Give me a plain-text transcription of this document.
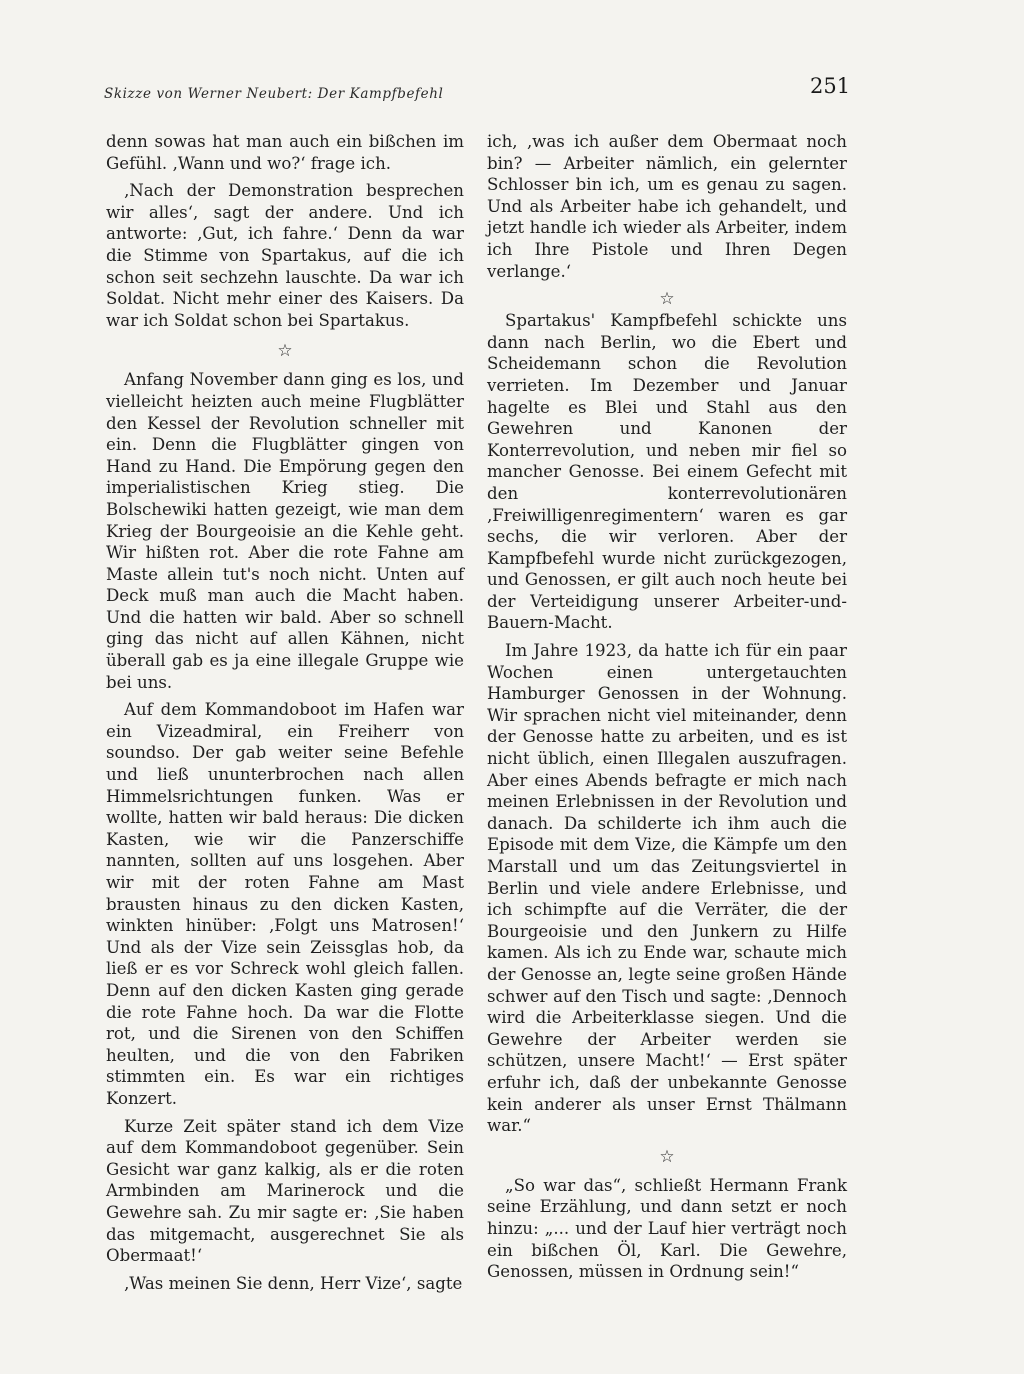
Skizze von Werner Neubert: Der Kampfbefehl	251

denn sowas hat man auch ein bißchen im Gefühl. ‚Wann und wo?‘ frage ich.

‚Nach der Demonstration besprechen wir alles‘, sagt der andere. Und ich antworte: ‚Gut, ich fahre.‘ Denn da war die Stimme von Spartakus, auf die ich schon seit sechzehn lauschte. Da war ich Soldat. Nicht mehr einer des Kaisers. Da war ich Soldat schon bei Spartakus.

☆

Anfang November dann ging es los, und vielleicht heizten auch meine Flugblätter den Kessel der Revolution schneller mit ein. Denn die Flugblätter gingen von Hand zu Hand. Die Empörung gegen den imperialistischen Krieg stieg. Die Bolschewiki hatten gezeigt, wie man dem Krieg der Bourgeoisie an die Kehle geht. Wir hißten rot. Aber die rote Fahne am Maste allein tut's noch nicht. Unten auf Deck muß man auch die Macht haben. Und die hatten wir bald. Aber so schnell ging das nicht auf allen Kähnen, nicht überall gab es ja eine illegale Gruppe wie bei uns.

Auf dem Kommandoboot im Hafen war ein Vizeadmiral, ein Freiherr von soundso. Der gab weiter seine Befehle und ließ ununterbrochen nach allen Himmelsrichtungen funken. Was er wollte, hatten wir bald heraus: Die dicken Kasten, wie wir die Panzerschiffe nannten, sollten auf uns losgehen. Aber wir mit der roten Fahne am Mast brausten hinaus zu den dicken Kasten, winkten hinüber: ‚Folgt uns Matrosen!‘ Und als der Vize sein Zeissglas hob, da ließ er es vor Schreck wohl gleich fallen. Denn auf den dicken Kasten ging gerade die rote Fahne hoch. Da war die Flotte rot, und die Sirenen von den Schiffen heulten, und die von den Fabriken stimmten ein. Es war ein richtiges Konzert.

Kurze Zeit später stand ich dem Vize auf dem Kommandoboot gegenüber. Sein Gesicht war ganz kalkig, als er die roten Armbinden am Marinerock und die Gewehre sah. Zu mir sagte er: ‚Sie haben das mitgemacht, ausgerechnet Sie als Obermaat!‘

‚Was meinen Sie denn, Herr Vize‘, sagte

ich, ‚was ich außer dem Obermaat noch bin? — Arbeiter nämlich, ein gelernter Schlosser bin ich, um es genau zu sagen. Und als Arbeiter habe ich gehandelt, und jetzt handle ich wieder als Arbeiter, indem ich Ihre Pistole und Ihren Degen verlange.‘

☆

Spartakus' Kampfbefehl schickte uns dann nach Berlin, wo die Ebert und Scheidemann schon die Revolution verrieten. Im Dezember und Januar hagelte es Blei und Stahl aus den Gewehren und Kanonen der Konterrevolution, und neben mir fiel so mancher Genosse. Bei einem Gefecht mit den konterrevolutionären ‚Freiwilligenregimentern‘ waren es gar sechs, die wir verloren. Aber der Kampfbefehl wurde nicht zurückgezogen, und Genossen, er gilt auch noch heute bei der Verteidigung unserer Arbeiter-und-Bauern-Macht.

Im Jahre 1923, da hatte ich für ein paar Wochen einen untergetauchten Hamburger Genossen in der Wohnung. Wir sprachen nicht viel miteinander, denn der Genosse hatte zu arbeiten, und es ist nicht üblich, einen Illegalen auszufragen. Aber eines Abends befragte er mich nach meinen Erlebnissen in der Revolution und danach. Da schilderte ich ihm auch die Episode mit dem Vize, die Kämpfe um den Marstall und um das Zeitungsviertel in Berlin und viele andere Erlebnisse, und ich schimpfte auf die Verräter, die der Bourgeoisie und den Junkern zu Hilfe kamen. Als ich zu Ende war, schaute mich der Genosse an, legte seine großen Hände schwer auf den Tisch und sagte: ‚Dennoch wird die Arbeiterklasse siegen. Und die Gewehre der Arbeiter werden sie schützen, unsere Macht!‘ — Erst später erfuhr ich, daß der unbekannte Genosse kein anderer als unser Ernst Thälmann war.“

☆

„So war das“, schließt Hermann Frank seine Erzählung, und dann setzt er noch hinzu: „... und der Lauf hier verträgt noch ein bißchen Öl, Karl. Die Gewehre, Genossen, müssen in Ordnung sein!“
